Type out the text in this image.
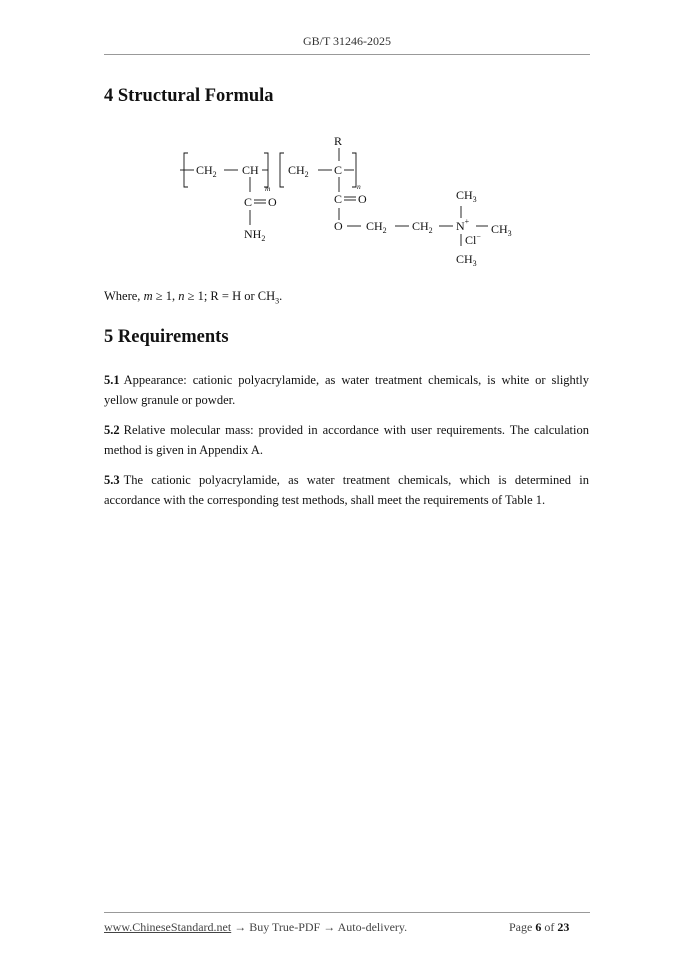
GB/T 31246-2025
4 Structural Formula
$CH_2$ CH
m
C O
$NH_2$
$CH_2$ C
n
R
C O
O $CH_2$ $CH_2$ N+
$CH_3$
$CH_3$
Cl−
$CH_3$
Where, m ≥ 1, n ≥ 1; R = H or $CH_3$.
5 Requirements

5.1 Appearance: cationic polyacrylamide, as water treatment chemicals, is white or slightly yellow granule or powder.

5.2 Relative molecular mass: provided in accordance with user requirements. The calculation method is given in Appendix A.

5.3 The cationic polyacrylamide, as water treatment chemicals, which is determined in accordance with the corresponding test methods, shall meet the requirements of Table 1.

www.ChineseStandard.net → Buy True-PDF → Auto-delivery.	Page 6 of 23
